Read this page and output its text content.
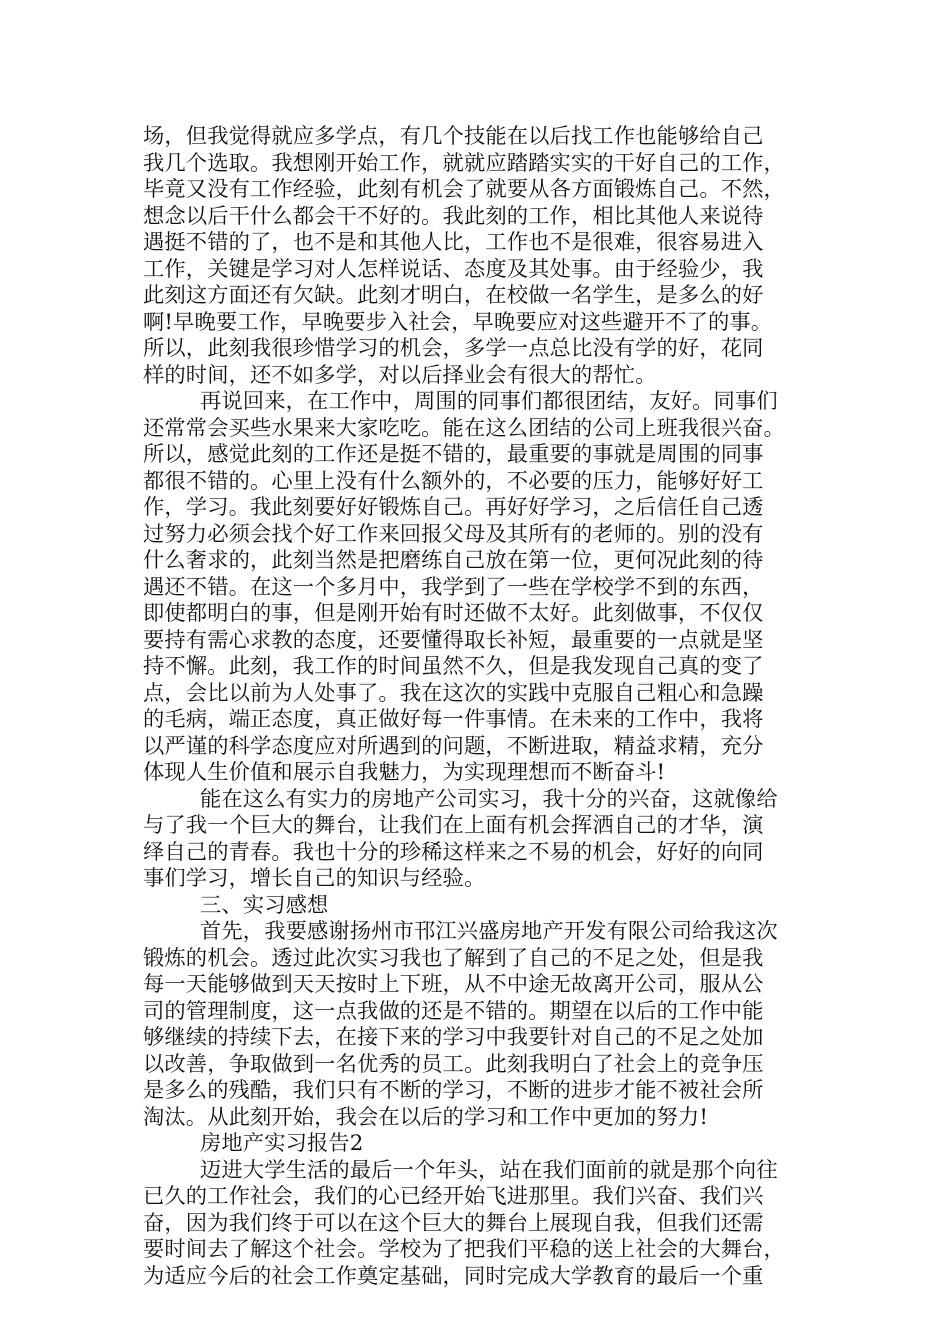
场，但我觉得就应多学点，有几个技能在以后找工作也能够给自己
我几个选取。我想刚开始工作，就就应踏踏实实的干好自己的工作，
毕竟又没有工作经验，此刻有机会了就要从各方面锻炼自己。不然，
想念以后干什么都会干不好的。我此刻的工作，相比其他人来说待
遇挺不错的了，也不是和其他人比，工作也不是很难，很容易进入
工作，关键是学习对人怎样说话、态度及其处事。由于经验少，我
此刻这方面还有欠缺。此刻才明白，在校做一名学生，是多么的好
啊!早晚要工作，早晚要步入社会，早晚要应对这些避开不了的事。
所以，此刻我很珍惜学习的机会，多学一点总比没有学的好，花同
样的时间，还不如多学，对以后择业会有很大的帮忙。
再说回来，在工作中，周围的同事们都很团结，友好。同事们
还常常会买些水果来大家吃吃。能在这么团结的公司上班我很兴奋。
所以，感觉此刻的工作还是挺不错的，最重要的事就是周围的同事
都很不错的。心里上没有什么额外的，不必要的压力，能够好好工
作，学习。我此刻要好好锻炼自己。再好好学习，之后信任自己透
过努力必须会找个好工作来回报父母及其所有的老师的。别的没有
什么奢求的，此刻当然是把磨练自己放在第一位，更何况此刻的待
遇还不错。在这一个多月中，我学到了一些在学校学不到的东西，
即使都明白的事，但是刚开始有时还做不太好。此刻做事，不仅仅
要持有需心求教的态度，还要懂得取长补短，最重要的一点就是坚
持不懈。此刻，我工作的时间虽然不久，但是我发现自己真的变了
点，会比以前为人处事了。我在这次的实践中克服自己粗心和急躁
的毛病，端正态度，真正做好每一件事情。在未来的工作中，我将
以严谨的科学态度应对所遇到的问题，不断进取，精益求精，充分
体现人生价值和展示自我魅力，为实现理想而不断奋斗!
能在这么有实力的房地产公司实习，我十分的兴奋，这就像给
与了我一个巨大的舞台，让我们在上面有机会挥洒自己的才华，演
绎自己的青春。我也十分的珍稀这样来之不易的机会，好好的向同
事们学习，增长自己的知识与经验。
三、实习感想
首先，我要感谢扬州市邗江兴盛房地产开发有限公司给我这次
锻炼的机会。透过此次实习我也了解到了自己的不足之处，但是我
每一天能够做到天天按时上下班，从不中途无故离开公司，服从公
司的管理制度，这一点我做的还是不错的。期望在以后的工作中能
够继续的持续下去，在接下来的学习中我要针对自己的不足之处加
以改善，争取做到一名优秀的员工。此刻我明白了社会上的竞争压
是多么的残酷，我们只有不断的学习，不断的进步才能不被社会所
淘汰。从此刻开始，我会在以后的学习和工作中更加的努力!
房地产实习报告2
迈进大学生活的最后一个年头，站在我们面前的就是那个向往
已久的工作社会，我们的心已经开始飞进那里。我们兴奋、我们兴
奋，因为我们终于可以在这个巨大的舞台上展现自我，但我们还需
要时间去了解这个社会。学校为了把我们平稳的送上社会的大舞台，
为适应今后的社会工作奠定基础，同时完成大学教育的最后一个重
